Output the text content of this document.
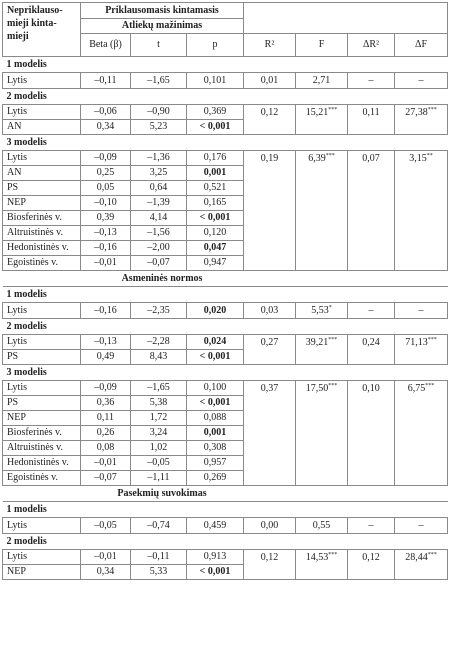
Nepriklauso-
mieji kinta-
mieji	Priklausomasis kintamasis						
	Atliekų mažinimas						
	Beta (β)	t	p	R²	F	ΔR²	ΔF
1 modelis							
Lytis	–0,11	–1,65	0,101	0,01	2,71	–	–
2 modelis							
Lytis	–0,06	–0,90	0,369	0,12	15,21***	0,11	27,38***
AN	0,34	5,23	< 0,001				
3 modelis							
Lytis	–0,09	–1,36	0,176	0,19	6,39***	0,07	3,15**
AN	0,25	3,25	0,001				
PS	0,05	0,64	0,521				
NEP	–0,10	–1,39	0,165				
Biosferinės v.	0,39	4,14	< 0,001				
Altruistinės v.	–0,13	–1,56	0,120				
Hedonistinės v.	–0,16	–2,00	0,047				
Egoistinės v.	–0,01	–0,07	0,947				
	Asmeninės normos						
1 modelis							
Lytis	–0,16	–2,35	0,020	0,03	5,53*	–	–
2 modelis							
Lytis	–0,13	–2,28	0,024	0,27	39,21***	0,24	71,13***
PS	0,49	8,43	< 0,001				
3 modelis							
Lytis	–0,09	–1,65	0,100	0,37	17,50***	0,10	6,75***
PS	0,36	5,38	< 0,001				
NEP	0,11	1,72	0,088				
Biosferinės v.	0,26	3,24	0,001				
Altruistinės v.	0,08	1,02	0,308				
Hedonistinės v.	–0,01	–0,05	0,957				
Egoistinės v.	–0,07	–1,11	0,269				
	Pasekmių suvokimas						
1 modelis							
Lytis	–0,05	–0,74	0,459	0,00	0,55	–	–
2 modelis							
Lytis	–0,01	–0,11	0,913	0,12	14,53***	0,12	28,44***
NEP	0,34	5,33	< 0,001				
